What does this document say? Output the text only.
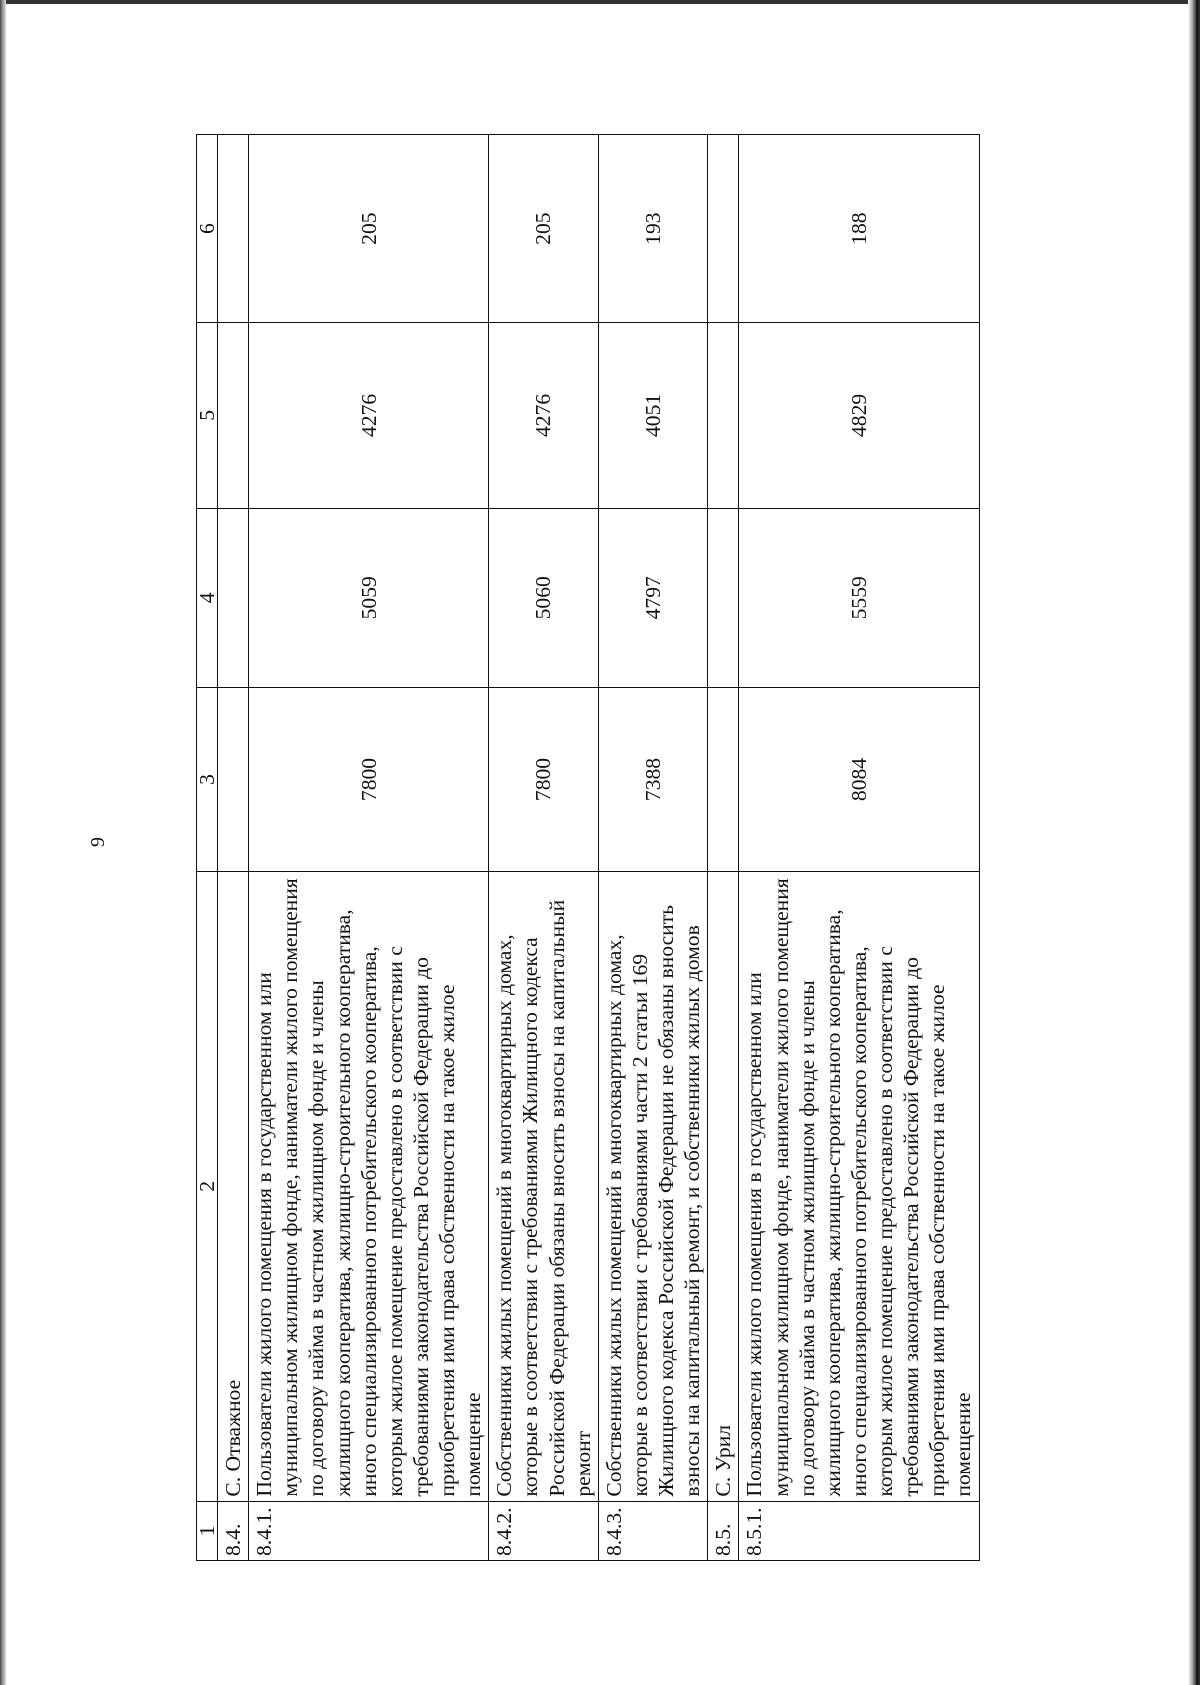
9
1	2	3	4	5	6
8.4.	С. Отважное				
8.4.1.	Пользователи жилого помещения в государственном или муниципальном жилищном фонде, наниматели жилого помещения по договору найма в частном жилищном фонде и члены жилищного кооператива, жилищно-строительного кооператива, иного специализированного потребительского кооператива, которым жилое помещение предоставлено в соответствии с требованиями законодательства Российской Федерации до приобретения ими права собственности на такое жилое помещение	7800	5059	4276	205
8.4.2.	Собственники жилых помещений в многоквартирных домах, которые в соответствии с требованиями Жилищного кодекса Российской Федерации обязаны вносить взносы на капитальный ремонт	7800	5060	4276	205
8.4.3.	Собственники жилых помещений в многоквартирных домах, которые в соответствии с требованиями части 2 статьи 169 Жилищного кодекса Российской Федерации не обязаны вносить взносы на капитальный ремонт, и собственники жилых домов	7388	4797	4051	193
8.5.	С. Урил				
8.5.1.	Пользователи жилого помещения в государственном или муниципальном жилищном фонде, наниматели жилого помещения по договору найма в частном жилищном фонде и члены жилищного кооператива, жилищно-строительного кооператива, иного специализированного потребительского кооператива, которым жилое помещение предоставлено в соответствии с требованиями законодательства Российской Федерации до приобретения ими права собственности на такое жилое помещение	8084	5559	4829	188
